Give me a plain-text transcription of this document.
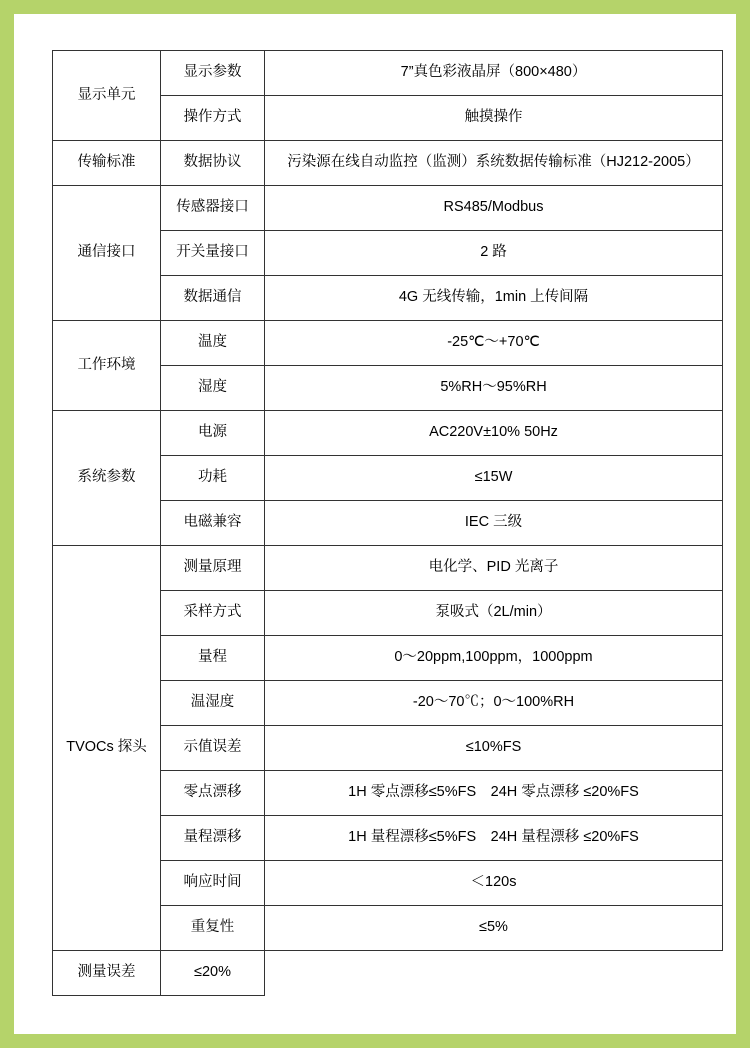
显示单元	显示参数	7”真色彩液晶屏（800×480）
	操作方式	触摸操作
传输标准	数据协议	污染源在线自动监控（监测）系统数据传输标准（HJ212-2005）
通信接口	传感器接口	RS485/Modbus
	开关量接口	2 路
	数据通信	4G 无线传输，1min 上传间隔
工作环境	温度	-25℃～+70℃
	湿度	5%RH～95%RH
系统参数	电源	AC220V±10% 50Hz
	功耗	≤15W
	电磁兼容	IEC 三级
TVOCs 探头	测量原理	电化学、PID 光离子
	采样方式	泵吸式（2L/min）
	量程	0～20ppm,100ppm，1000ppm
	温湿度	-20～70℃；0～100%RH
	示值误差	≤10%FS
	零点漂移	1H 零点漂移≤5%FS　24H 零点漂移 ≤20%FS
	量程漂移	1H 量程漂移≤5%FS　24H 量程漂移 ≤20%FS
	响应时间	＜120s
	重复性	≤5%
测量误差	≤20%	
